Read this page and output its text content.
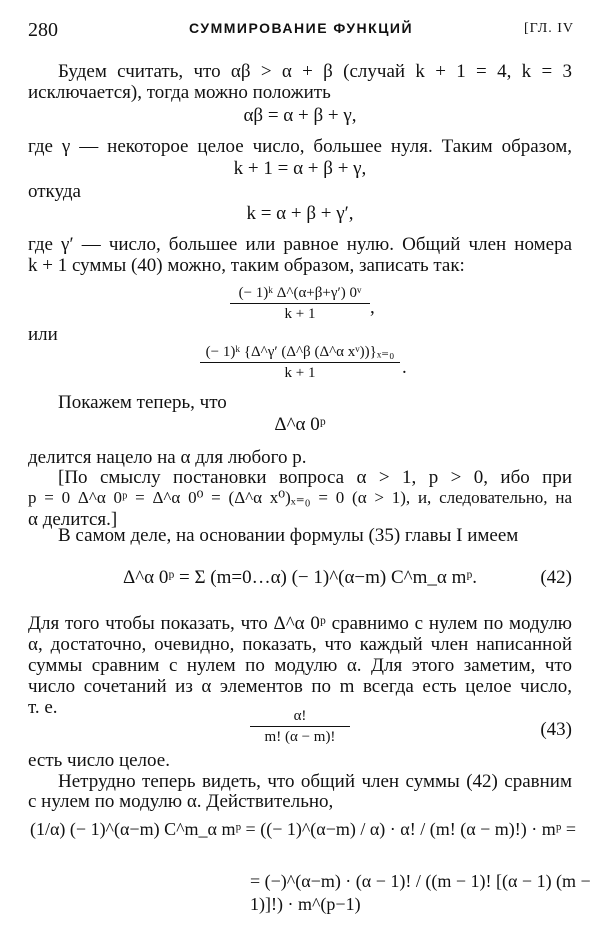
280	СУММИРОВАНИЕ ФУНКЦИЙ	[ГЛ. IV
Будем считать, что αβ > α + β (случай k + 1 = 4, k = 3
исключается), тогда можно положить
αβ = α + β + γ,
где γ — некоторое целое число, большее нуля. Таким образом,
k + 1 = α + β + γ,
откуда
k = α + β + γ′,
где γ′ — число, большее или равное нулю. Общий член номера
k + 1 суммы (40) можно, таким образом, записать так:
(− 1)ᵏ Δ^(α+β+γ′) 0ᵛ
k + 1	,
или
(− 1)ᵏ {Δ^γ′ (Δ^β (Δ^α xᵛ))}ₓ₌₀
k + 1	.
Покажем теперь, что
Δ^α 0ᵖ
делится нацело на α для любого p.
[По смыслу постановки вопроса α > 1, p > 0, ибо при
p = 0 Δ^α 0ᵖ = Δ^α 0⁰ = (Δ^α x⁰)ₓ₌₀ = 0 (α > 1), и, следовательно, на
α делится.]
В самом деле, на основании формулы (35) главы I имеем
Δ^α 0ᵖ = Σ (m=0…α) (− 1)^(α−m) C^m_α mᵖ.	(42)
Для того чтобы показать, что Δ^α 0ᵖ сравнимо с нулем по модулю
α, достаточно, очевидно, показать, что каждый член написанной
суммы сравним с нулем по модулю α. Для этого заметим, что
число сочетаний из α элементов по m всегда есть целое число,
т. е.	α!
m! (α − m)!	(43)
есть число целое.
Нетрудно теперь видеть, что общий член суммы (42) сравним
с нулем по модулю α. Действительно,
(1/α) (− 1)^(α−m) C^m_α mᵖ = ((− 1)^(α−m) / α) · α! / (m! (α − m)!) · mᵖ =
= (−)^(α−m) · (α − 1)! / ((m − 1)! [(α − 1) (m − 1)]!) · m^(p−1)
